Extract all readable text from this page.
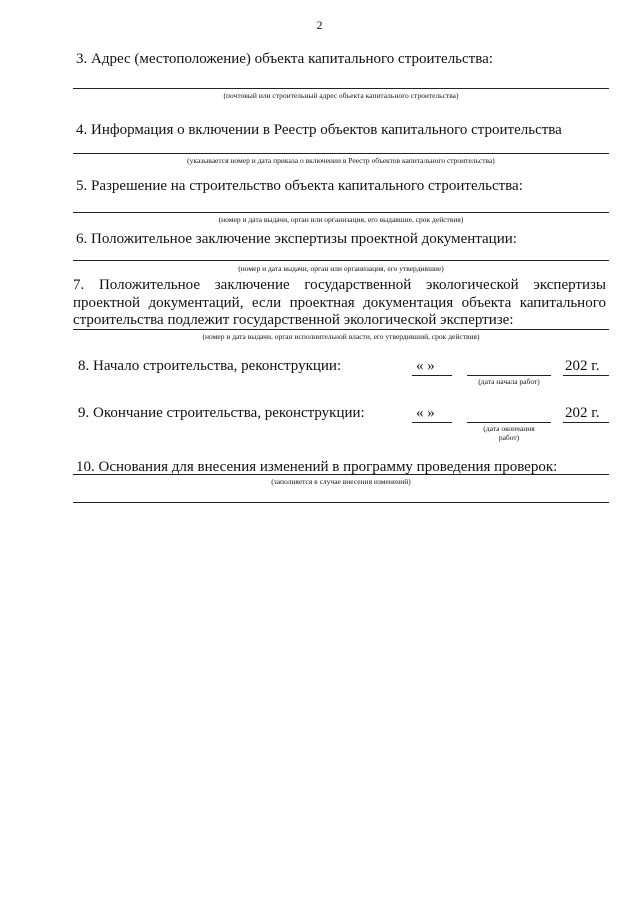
2
3. Адрес (местоположение) объекта капитального строительства:
(почтовый или строительный адрес объекта капитального строительства)
4. Информация о включении в Реестр объектов капитального строительства
(указывается номер и дата приказа о включении в Реестр объектов капитального строительства)
5. Разрешение на строительство объекта капитального строительства:
(номер и дата выдачи, орган или организация, его выдавшие, срок действия)
6. Положительное заключение экспертизы проектной документации:
(номер и дата выдачи, орган или организация, его утвердившие)
7. Положительное заключение государственной экологической экспертизы
проектной документаций, если проектная документация объекта капитального
строительства подлежит государственной экологической экспертизе:
(номер и дата выдачи, орган исполнительной власти, его утвердивший, срок действия)
8. Начало строительства, реконструкции:	« »
(дата начала работ)
202 г.
9. Окончание строительства, реконструкции:	« »
(дата окончания
работ)
202 г.
10. Основания для внесения изменений в программу проведения проверок:
(заполняется в случае внесения изменений)
